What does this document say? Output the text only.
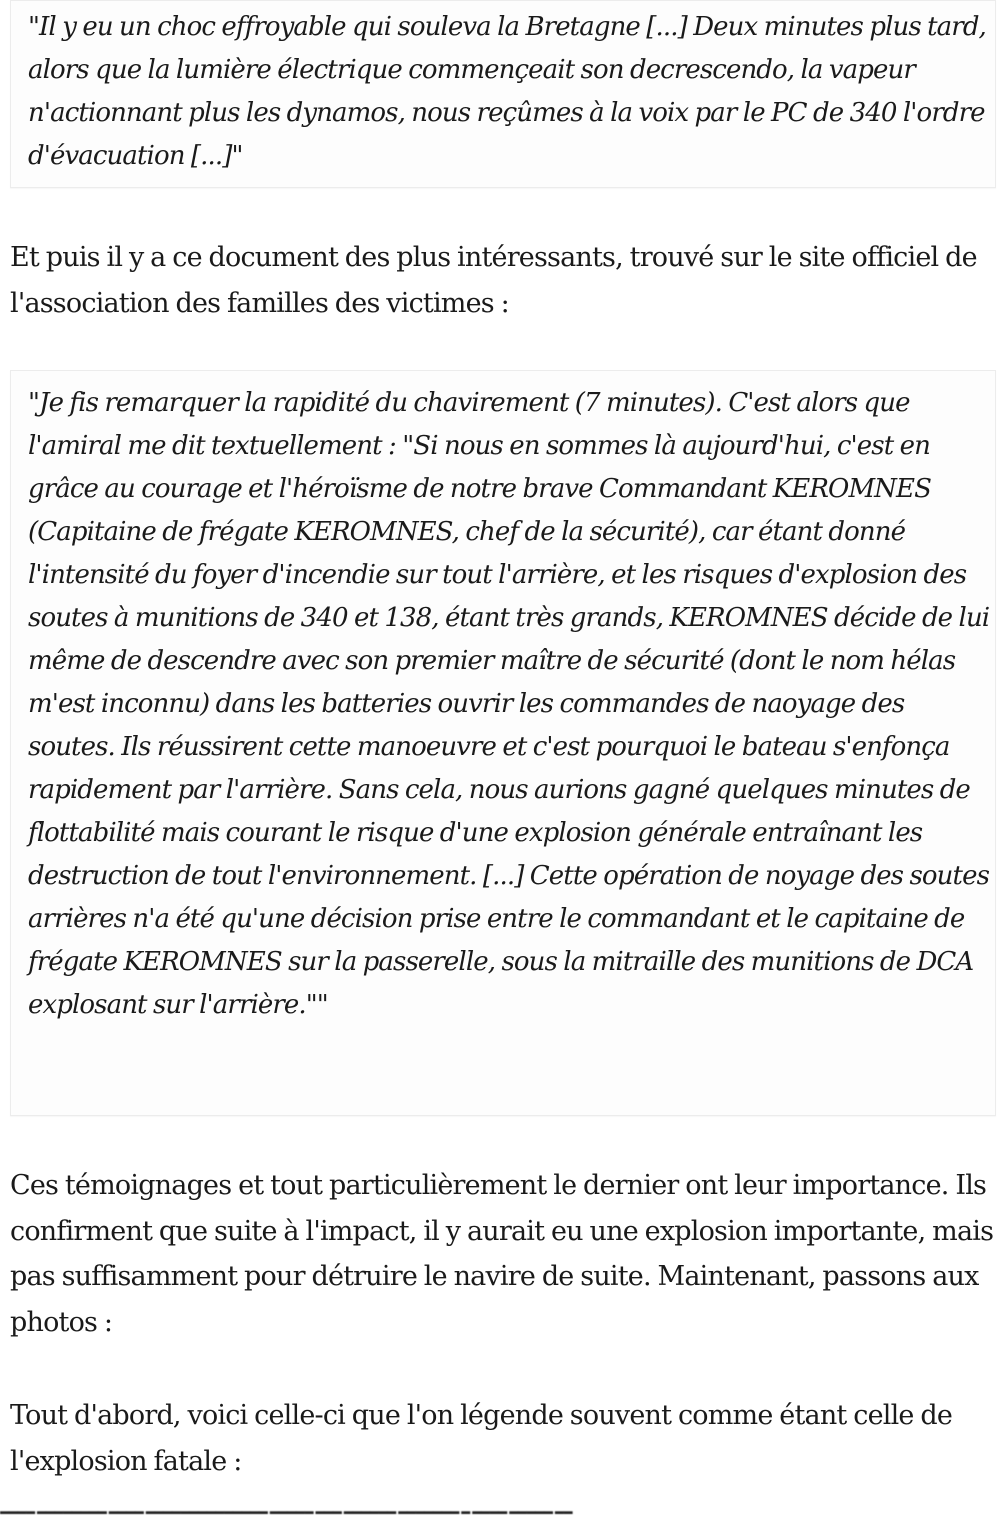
"Il y eu un choc effroyable qui souleva la Bretagne [...] Deux minutes plus tard, alors que la lumière électrique commençeait son decrescendo, la vapeur n'actionnant plus les dynamos, nous reçûmes à la voix par le PC de 340 l'ordre d'évacuation [...]"

Et puis il y a ce document des plus intéressants, trouvé sur le site officiel de l'association des familles des victimes :

"Je fis remarquer la rapidité du chavirement (7 minutes). C'est alors que l'amiral me dit textuellement : "Si nous en sommes là aujourd'hui, c'est en grâce au courage et l'héroïsme de notre brave Commandant KEROMNES (Capitaine de frégate KEROMNES, chef de la sécurité), car étant donné l'intensité du foyer d'incendie sur tout l'arrière, et les risques d'explosion des soutes à munitions de 340 et 138, étant très grands, KEROMNES décide de lui même de descendre avec son premier maître de sécurité (dont le nom hélas m'est inconnu) dans les batteries ouvrir les commandes de naoyage des soutes. Ils réussirent cette manoeuvre et c'est pourquoi le bateau s'enfonça rapidement par l'arrière. Sans cela, nous aurions gagné quelques minutes de flottabilité mais courant le risque d'une explosion générale entraînant les destruction de tout l'environnement. [...] Cette opération de noyage des soutes arrières n'a été qu'une décision prise entre le commandant et le capitaine de frégate KEROMNES sur la passerelle, sous la mitraille des munitions de DCA explosant sur l'arrière.""

Ces témoignages et tout particulièrement le dernier ont leur importance. Ils confirment que suite à l'impact, il y aurait eu une explosion importante, mais pas suffisamment pour détruire le navire de suite. Maintenant, passons aux photos :

Tout d'abord, voici celle-ci que l'on légende souvent comme étant celle de l'explosion fatale :

▬▬▬▬ ▬▬▬▬▬▬▬▬ ▬▬▬▬ ▬▬▬▬▬▬▬▬▬▬▬▬▬▬ ▬▬▬▬▬ ▬▬▬ ▬▬▬▬▬▬ ▬▬▬▬▬▬▬ ▬ ▬▬▬▬ ▬▬▬▬▬ ▬▬
